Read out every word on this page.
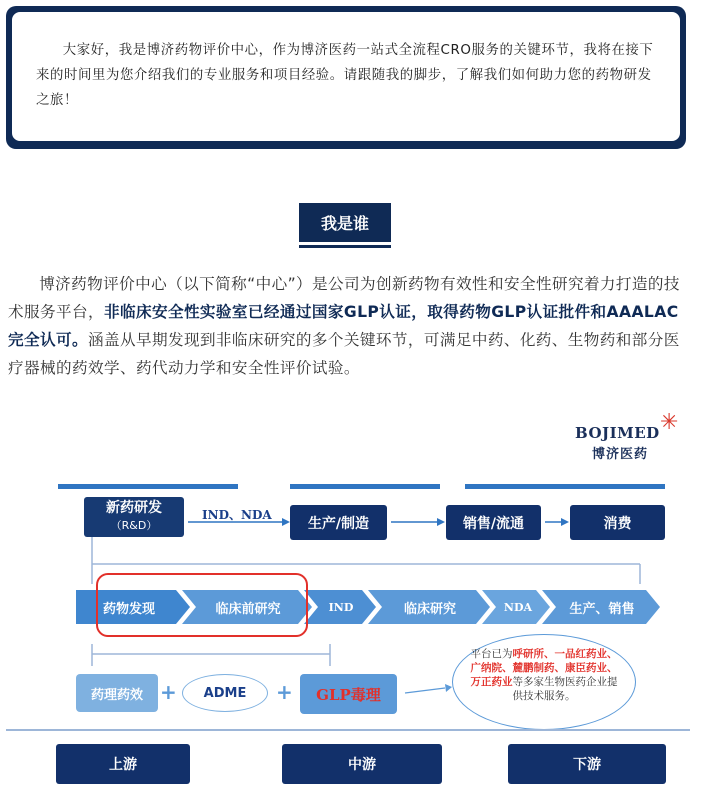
大家好，我是博济药物评价中心，作为博济医药一站式全流程CRO服务的关键环节，我将在接下来的时间里为您介绍我们的专业服务和项目经验。请跟随我的脚步，了解我们如何助力您的药物研发之旅！

我是谁

博济药物评价中心（以下简称“中心”）是公司为创新药物有效性和安全性研究着力打造的技术服务平台，非临床安全性实验室已经通过国家GLP认证，取得药物GLP认证批件和AAALAC完全认可。涵盖从早期发现到非临床研究的多个关键环节，可满足中药、化药、生物药和部分医疗器械的药效学、药代动力学和安全性评价试验。

✳
BOJIMED
博济医药
新药研发
（R&D）
IND、NDA
生产/制造	销售/流通	消费
药物发现	临床前研究	IND	临床研究	NDA	生产、销售
药理药效 +	ADME	+	GLP毒理
平台已为呼研所、一品红药业、广纳院、麓鹏制药、康臣药业、万正药业等多家生物医药企业提供技术服务。
上游	中游	下游
